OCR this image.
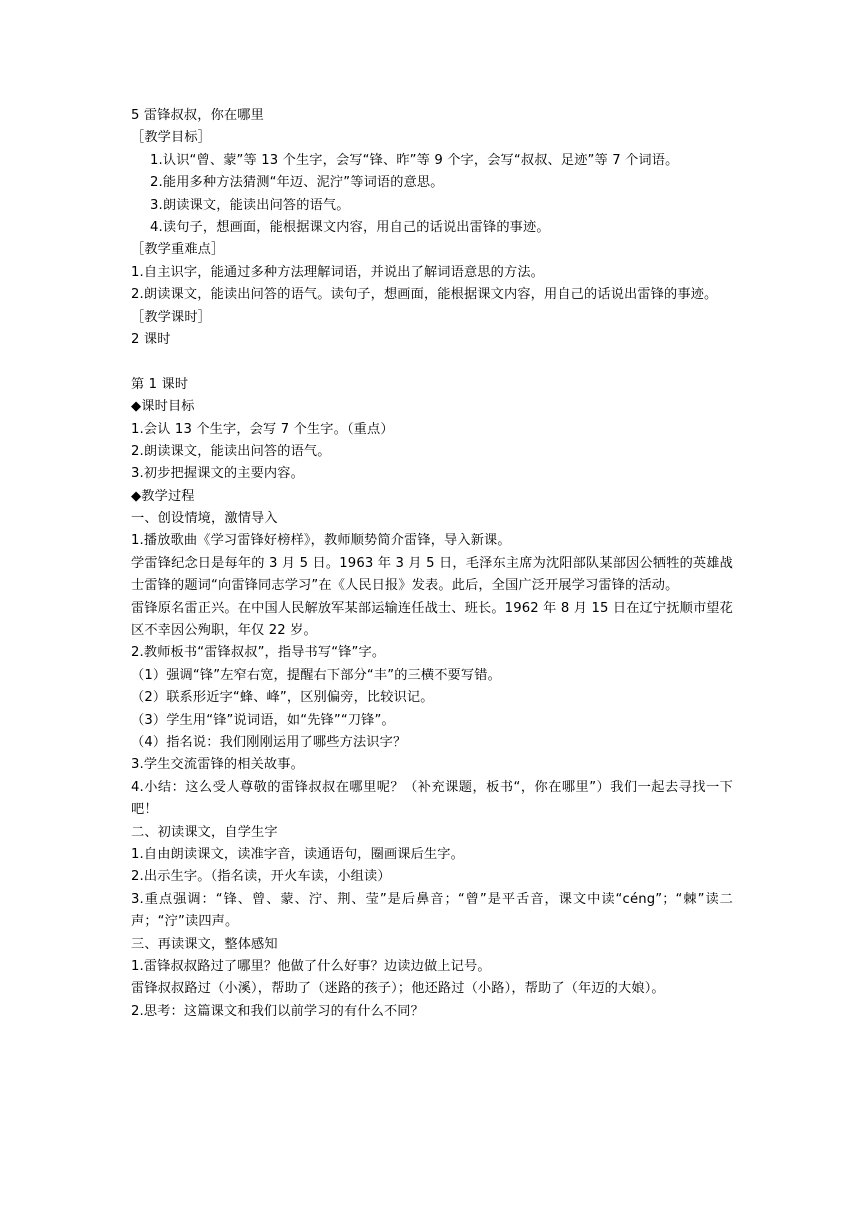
5 雷锋叔叔，你在哪里
［教学目标］
1.认识“曾、蒙”等 13 个生字，会写“锋、昨”等 9 个字，会写“叔叔、足迹”等 7 个词语。
2.能用多种方法猜测“年迈、泥泞”等词语的意思。
3.朗读课文，能读出问答的语气。
4.读句子，想画面，能根据课文内容，用自己的话说出雷锋的事迹。
［教学重难点］
1.自主识字，能通过多种方法理解词语，并说出了解词语意思的方法。
2.朗读课文，能读出问答的语气。读句子，想画面，能根据课文内容，用自己的话说出雷锋的事迹。
［教学课时］
2 课时
第 1 课时
◆课时目标
1.会认 13 个生字，会写 7 个生字。（重点）
2.朗读课文，能读出问答的语气。
3.初步把握课文的主要内容。
◆教学过程
一、创设情境，激情导入
1.播放歌曲《学习雷锋好榜样》，教师顺势简介雷锋，导入新课。
学雷锋纪念日是每年的 3 月 5 日。1963 年 3 月 5 日，毛泽东主席为沈阳部队某部因公牺牲的英雄战士雷锋的题词“向雷锋同志学习”在《人民日报》发表。此后，全国广泛开展学习雷锋的活动。
雷锋原名雷正兴。在中国人民解放军某部运输连任战士、班长。1962 年 8 月 15 日在辽宁抚顺市望花区不幸因公殉职，年仅 22 岁。
2.教师板书“雷锋叔叔”，指导书写“锋”字。
（1）强调“锋”左窄右宽，提醒右下部分“丰”的三横不要写错。
（2）联系形近字“蜂、峰”，区别偏旁，比较识记。
（3）学生用“锋”说词语，如“先锋”“刀锋”。
（4）指名说：我们刚刚运用了哪些方法识字？
3.学生交流雷锋的相关故事。
4.小结：这么受人尊敬的雷锋叔叔在哪里呢？（补充课题，板书“，你在哪里”）我们一起去寻找一下吧！
二、初读课文，自学生字
1.自由朗读课文，读准字音，读通语句，圈画课后生字。
2.出示生字。（指名读，开火车读，小组读）
3.重点强调：“锋、曾、蒙、泞、荆、莹”是后鼻音；“曾”是平舌音，课文中读“céng”；“棘”读二声；“泞”读四声。
三、再读课文，整体感知
1.雷锋叔叔路过了哪里？他做了什么好事？边读边做上记号。
雷锋叔叔路过（小溪），帮助了（迷路的孩子）；他还路过（小路），帮助了（年迈的大娘）。
2.思考：这篇课文和我们以前学习的有什么不同？
